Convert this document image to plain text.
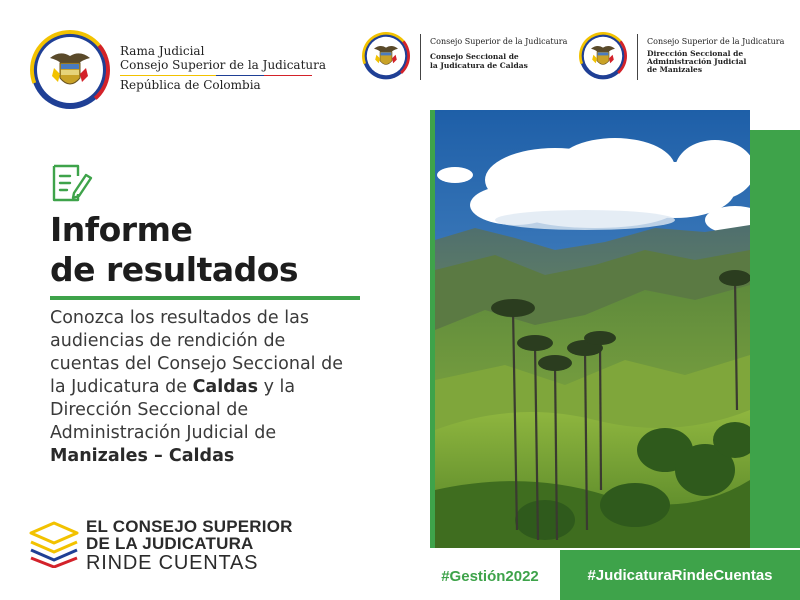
Rama Judicial
Consejo Superior de la Judicatura
República de Colombia
Consejo Superior de la Judicatura
Consejo Seccional de
la Judicatura de Caldas
Consejo Superior de la Judicatura
Dirección Seccional de
Administración Judicial
de Manizales
Informe
de resultados
Conozca los resultados de las audiencias de rendición de cuentas del Consejo Seccional de la Judicatura de Caldas y la Dirección Seccional de Administración Judicial de Manizales – Caldas
EL CONSEJO SUPERIOR
DE LA JUDICATURA
RINDE CUENTAS
#Gestión2022	#JudicaturaRindeCuentas
